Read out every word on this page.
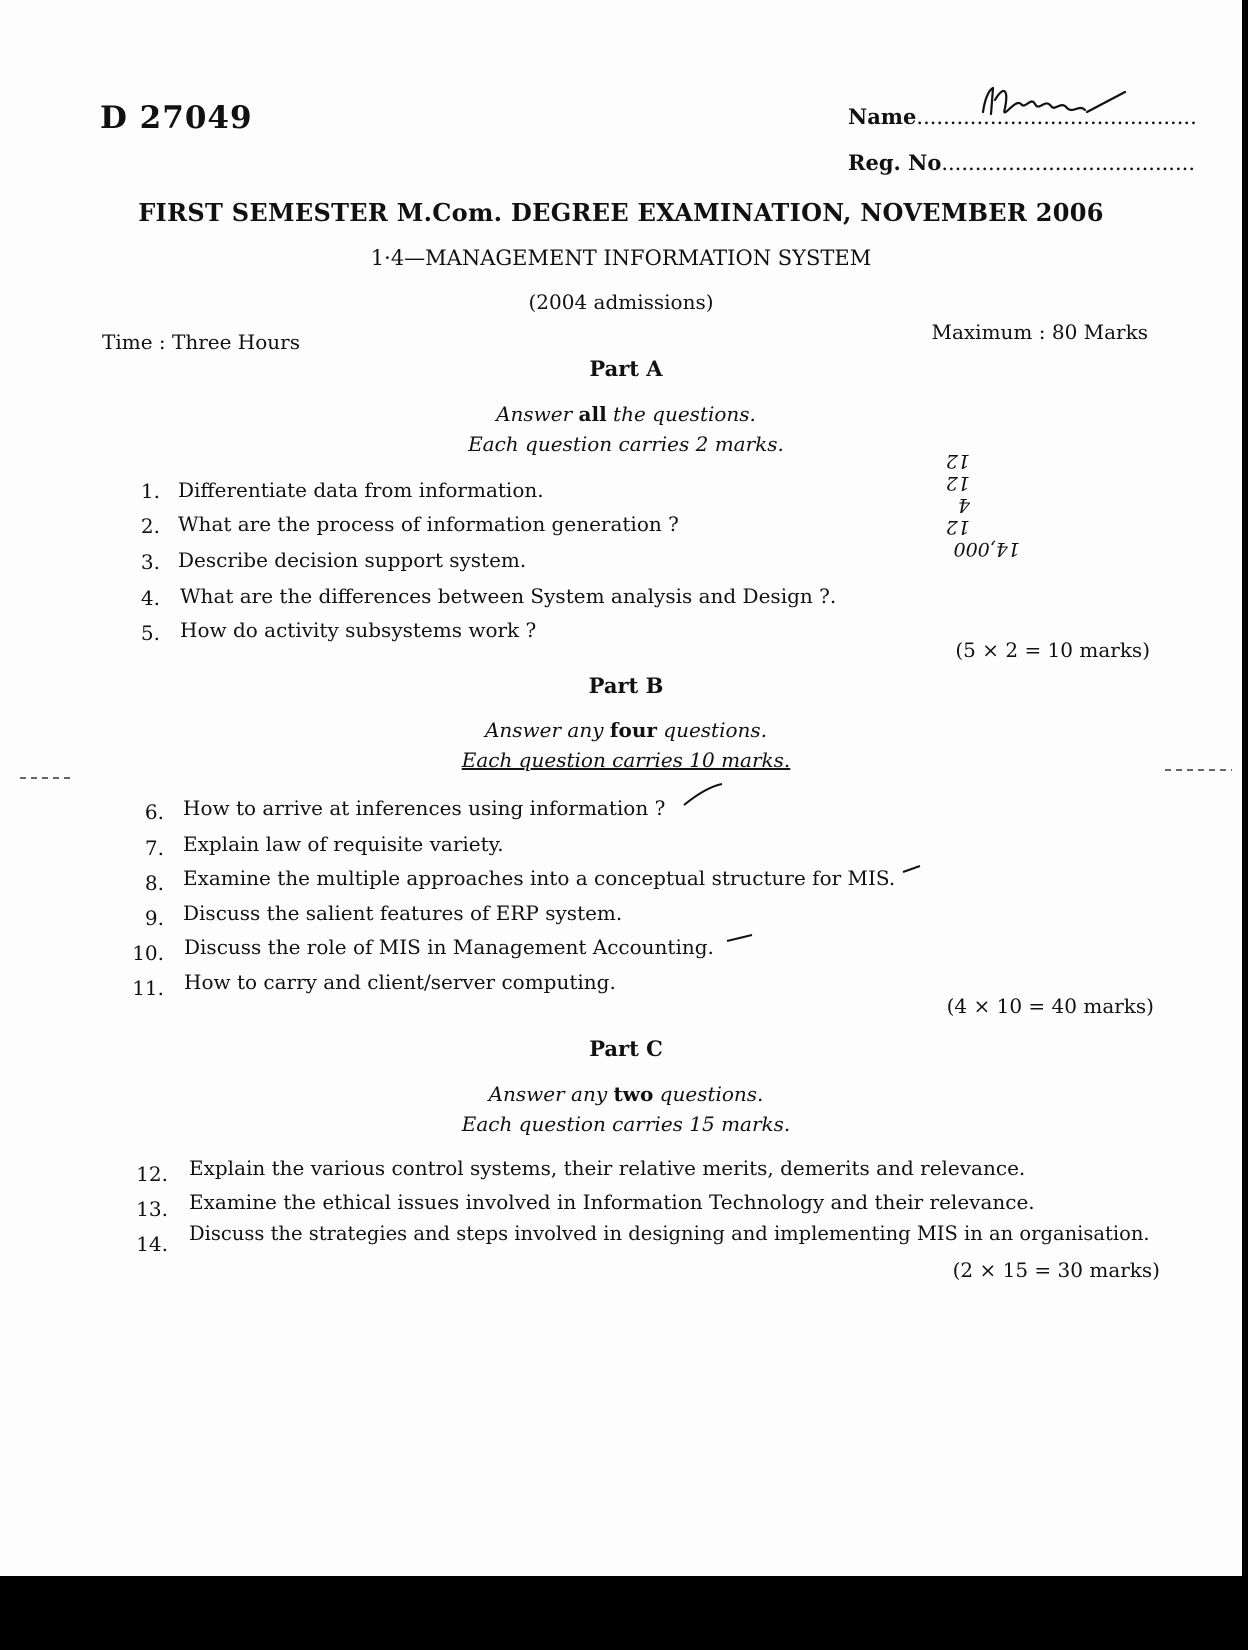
D 27049	Name..........................................
Reg. No......................................
FIRST SEMESTER M.Com. DEGREE EXAMINATION, NOVEMBER 2006
1·4—MANAGEMENT INFORMATION SYSTEM
(2004 admissions)
Time : Three Hours	Maximum : 80 Marks
Part A
Answer all the questions.
Each question carries 2 marks.
1. Differentiate data from information.
2. What are the process of information generation ?
3. Describe decision support system.
4. What are the differences between System analysis and Design ?.
5. How do activity subsystems work ?
(5 × 2 = 10 marks)
14,000
12
4
12
12
Part B
Answer any four questions.
Each question carries 10 marks.
6. How to arrive at inferences using information ?
7. Explain law of requisite variety.
8. Examine the multiple approaches into a conceptual structure for MIS.
9. Discuss the salient features of ERP system.
10. Discuss the role of MIS in Management Accounting.
11. How to carry and client/server computing.
(4 × 10 = 40 marks)
Part C
Answer any two questions.
Each question carries 15 marks.
12. Explain the various control systems, their relative merits, demerits and relevance.
13. Examine the ethical issues involved in Information Technology and their relevance.
14. Discuss the strategies and steps involved in designing and implementing MIS in an organisation.
(2 × 15 = 30 marks)
